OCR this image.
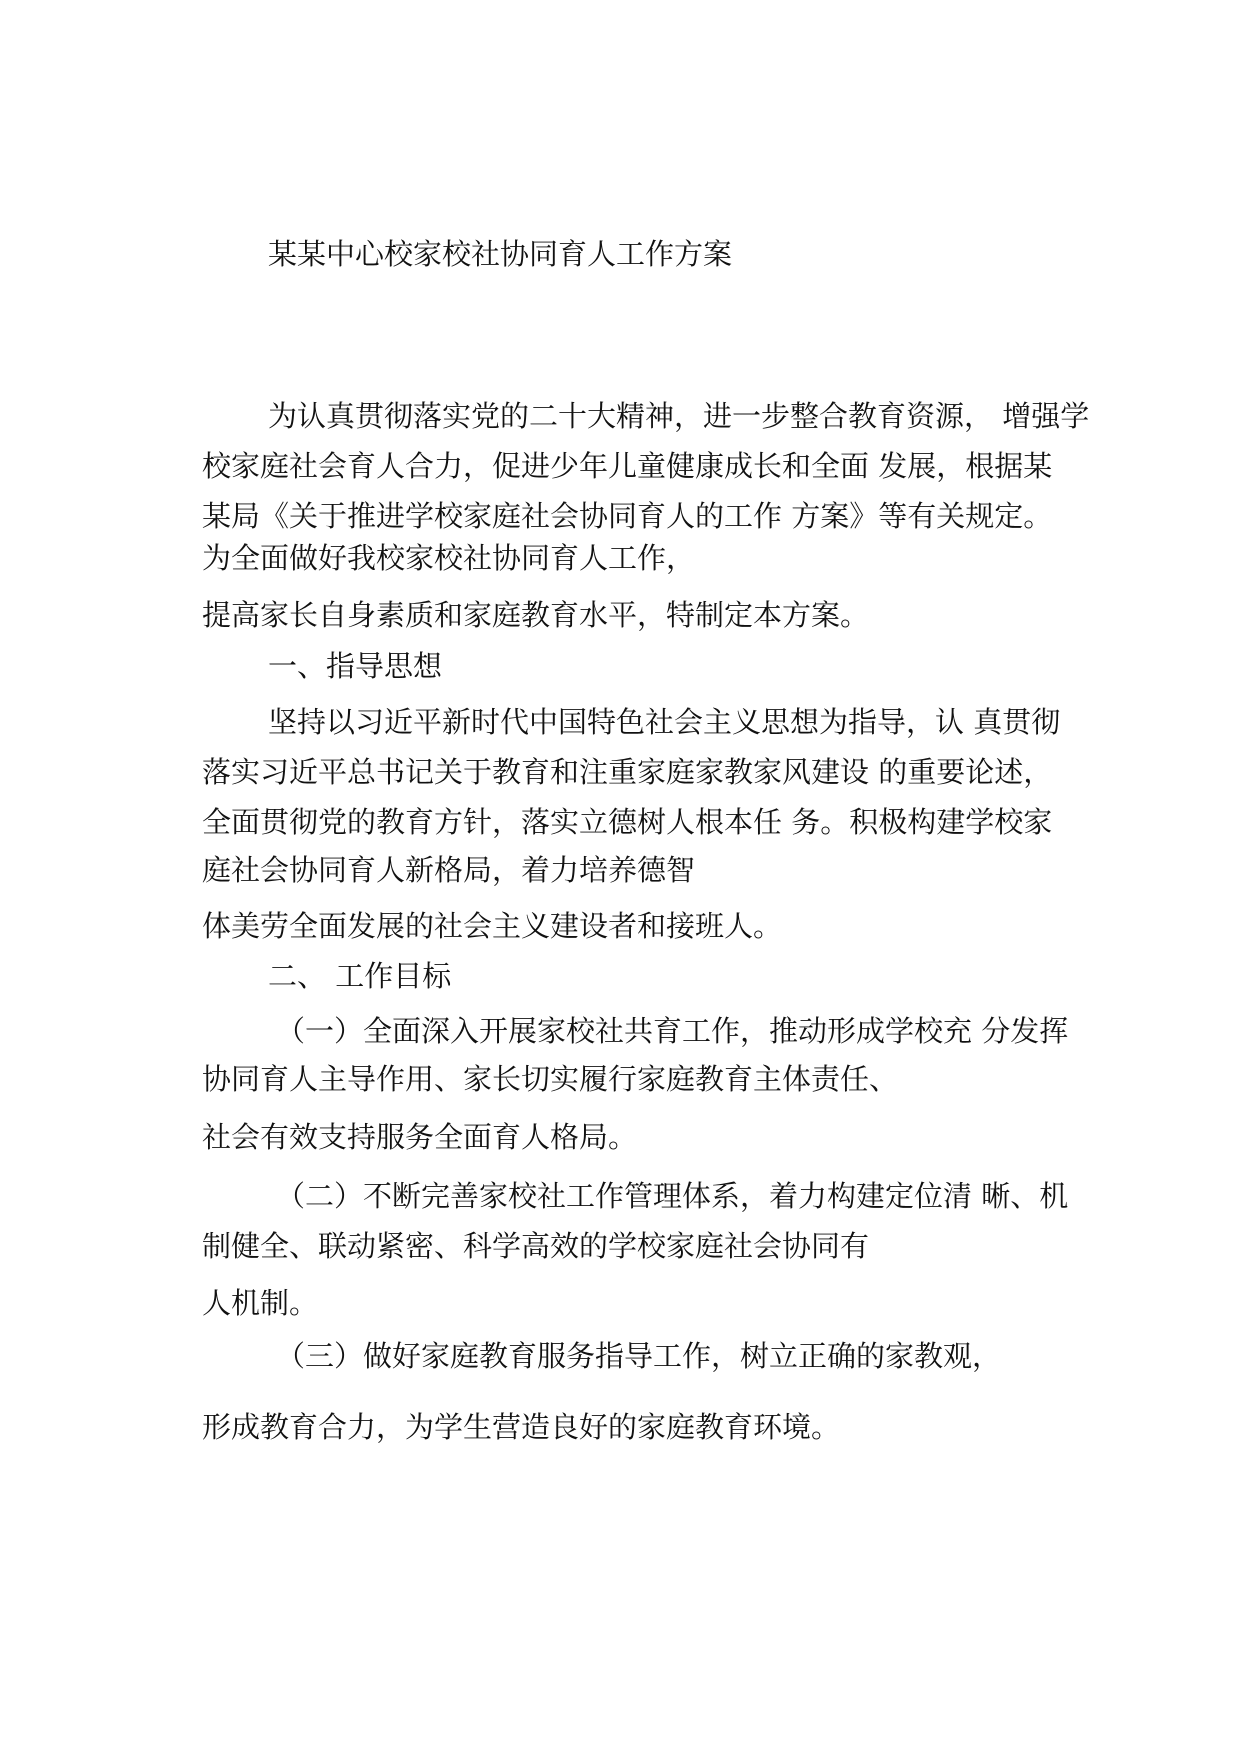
某某中心校家校社协同育人工作方案

为认真贯彻落实党的二十大精神，进一步整合教育资源， 增强学

校家庭社会育人合力，促进少年儿童健康成长和全面 发展，根据某

某局《关于推进学校家庭社会协同育人的工作 方案》等有关规定。

为全面做好我校家校社协同育人工作，

提高家长自身素质和家庭教育水平，特制定本方案。

一、指导思想

坚持以习近平新时代中国特色社会主义思想为指导，认 真贯彻

落实习近平总书记关于教育和注重家庭家教家风建设 的重要论述，

全面贯彻党的教育方针，落实立德树人根本任 务。积极构建学校家

庭社会协同育人新格局，着力培养德智

体美劳全面发展的社会主义建设者和接班人。

二、 工作目标

（一）全面深入开展家校社共育工作，推动形成学校充 分发挥

协同育人主导作用、家长切实履行家庭教育主体责任、

社会有效支持服务全面育人格局。

（二）不断完善家校社工作管理体系，着力构建定位清 晰、机

制健全、联动紧密、科学高效的学校家庭社会协同有

人机制。

（三）做好家庭教育服务指导工作，树立正确的家教观，

形成教育合力，为学生营造良好的家庭教育环境。
